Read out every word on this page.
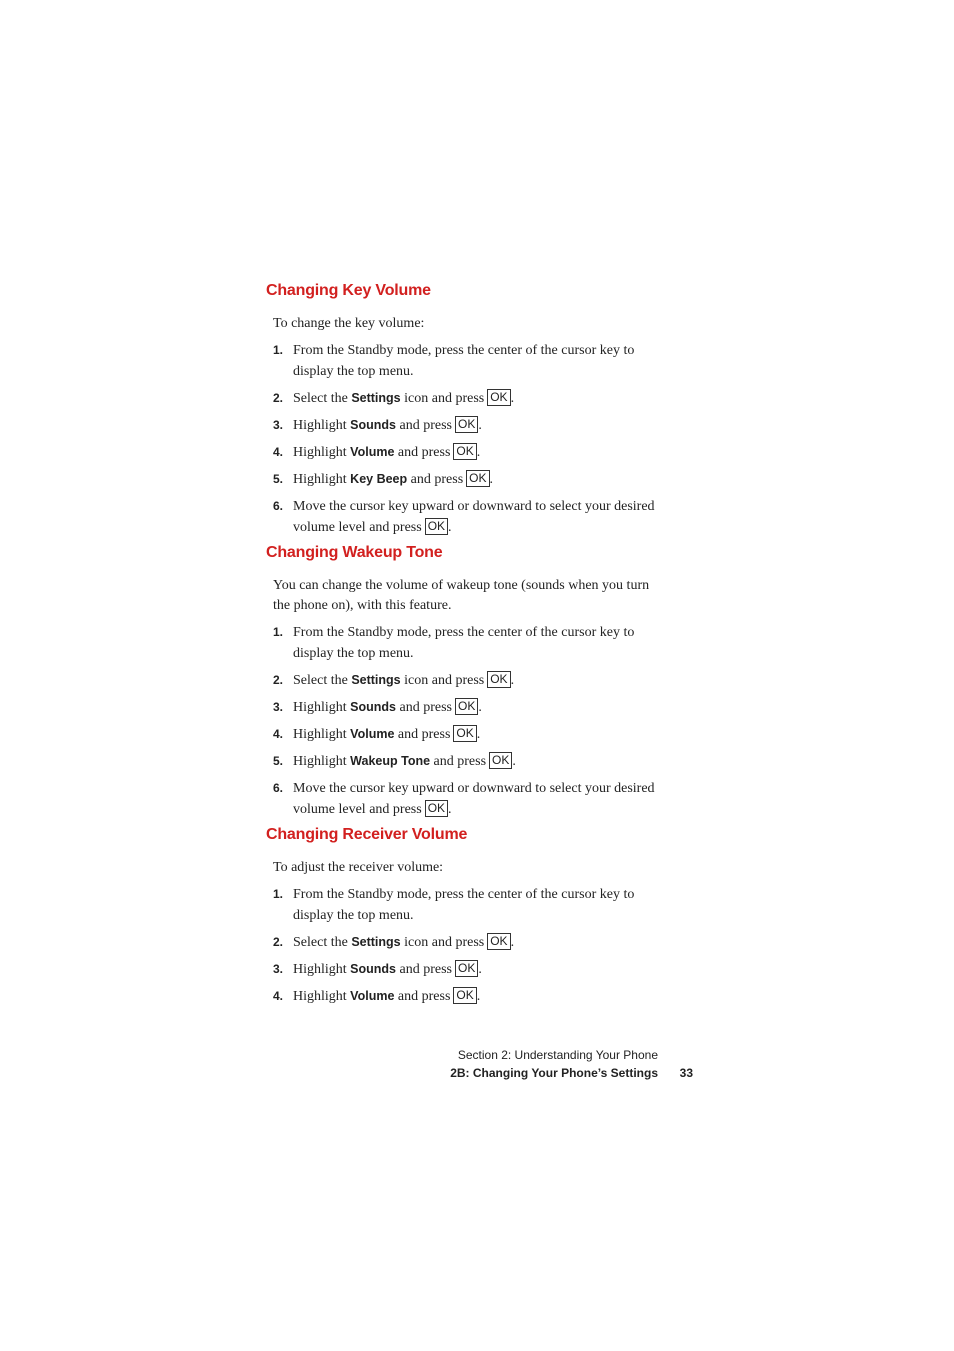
Changing Key Volume

To change the key volume:

1. From the Standby mode, press the center of the cursor key to display the top menu.
2. Select the Settings icon and press OK .
3. Highlight Sounds and press OK .
4. Highlight Volume and press OK .
5. Highlight Key Beep and press OK .
6. Move the cursor key upward or downward to select your desired volume level and press OK .
Changing Wakeup Tone

You can change the volume of wakeup tone (sounds when you turn the phone on), with this feature.

1. From the Standby mode, press the center of the cursor key to display the top menu.
2. Select the Settings icon and press OK .
3. Highlight Sounds and press OK .
4. Highlight Volume and press OK .
5. Highlight Wakeup Tone and press OK .
6. Move the cursor key upward or downward to select your desired volume level and press OK .
Changing Receiver Volume

To adjust the receiver volume:

1. From the Standby mode, press the center of the cursor key to display the top menu.
2. Select the Settings icon and press OK .
3. Highlight Sounds and press OK .
4. Highlight Volume and press OK .
Section 2: Understanding Your Phone
2B: Changing Your Phone’s Settings	33
